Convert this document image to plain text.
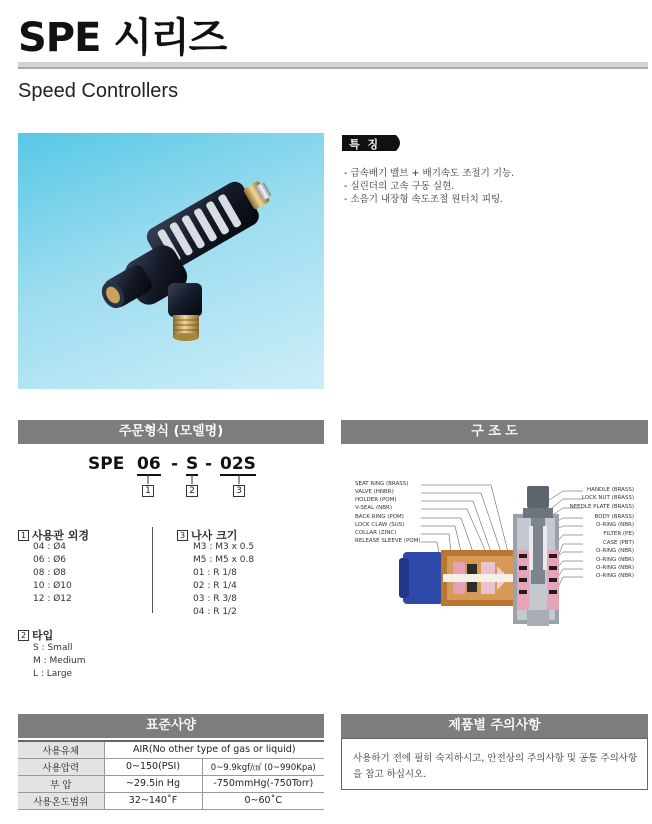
SPE 시리즈
Speed Controllers
특 징
- 급속배기 밸브 + 배기속도 조절기 기능.
- 실린더의 고속 구동 실현.
- 소음기 내장형 속도조절 원터치 피팅.
주문형식 (모델명)	구 조 도
표준사양	제품별 주의사항
SPE 06 - S - 02S
1	2	3
1 사용관 외경
04 : Ø4
06 : Ø6
08 : Ø8
10 : Ø10
12 : Ø12
2 타입
S : Small
M : Medium
L : Large
3 나사 크기
M3 : M3 x 0.5
M5 : M5 x 0.8
01 : R 1/8
02 : R 1/4
03 : R 3/8
04 : R 1/2
SEAT RING (BRASS)
VALVE (HNBR)
HOLDER (POM)
V-SEAL (NBR)
BACK RING (POM)
LOCK CLAW (SUS)
COLLAR (ZINC)
RELEASE SLEEVE (POM)
HANDLE (BRASS)
LOCK NUT (BRASS)
NEEDLE PLATE (BRASS)
BODY (BRASS)
O-RING (NBR)
FILTER (PE)
CASE (PBT)
O-RING (NBR)
O-RING (NBR)
O-RING (NBR)
O-RING (NBR)
사용유체	AIR(No other type of gas or liquid)	
사용압력	0~150(PSI)	0~9.9kgf/㎠ (0~990Kpa)
부 압	~29.5in Hg	-750mmHg(-750Torr)
사용온도범위	32~140˚F	0~60˚C
사용하기 전에 필히 숙지하시고, 안전상의 주의사항 및 공통 주의사항을 참고 하십시오.
